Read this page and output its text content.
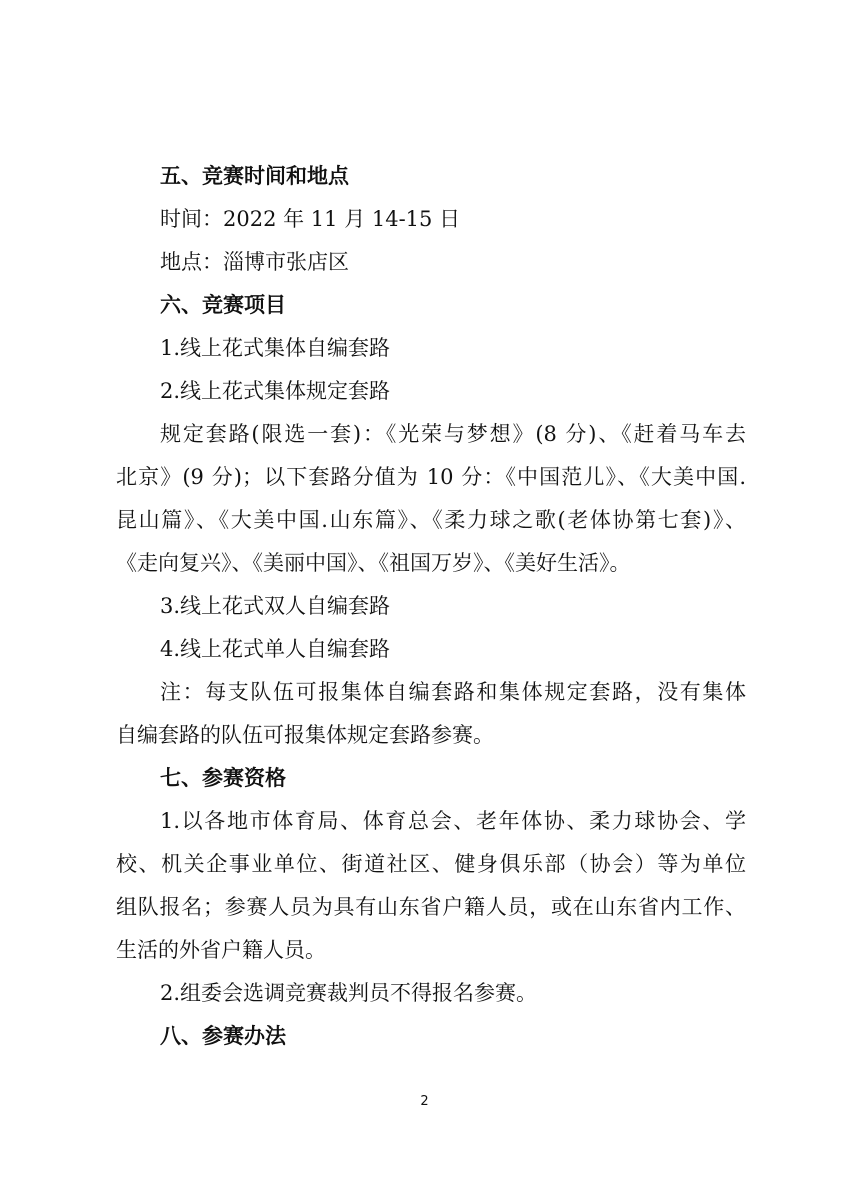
五、竞赛时间和地点
时间：2022 年 11 月 14-15 日
地点：淄博市张店区
六、竞赛项目
1.线上花式集体自编套路
2.线上花式集体规定套路
规定套路(限选一套)：《光荣与梦想》(8 分)、《赶着马车去
北京》(9 分)；以下套路分值为 10 分：《中国范儿》、《大美中国.
昆山篇》、《大美中国.山东篇》、《柔力球之歌(老体协第七套)》、
《走向复兴》、《美丽中国》、《祖国万岁》、《美好生活》。
3.线上花式双人自编套路
4.线上花式单人自编套路
注：每支队伍可报集体自编套路和集体规定套路，没有集体
自编套路的队伍可报集体规定套路参赛。
七、参赛资格
1.以各地市体育局、体育总会、老年体协、柔力球协会、学
校、机关企事业单位、街道社区、健身俱乐部（协会）等为单位
组队报名；参赛人员为具有山东省户籍人员，或在山东省内工作、
生活的外省户籍人员。
2.组委会选调竞赛裁判员不得报名参赛。
八、参赛办法
2
